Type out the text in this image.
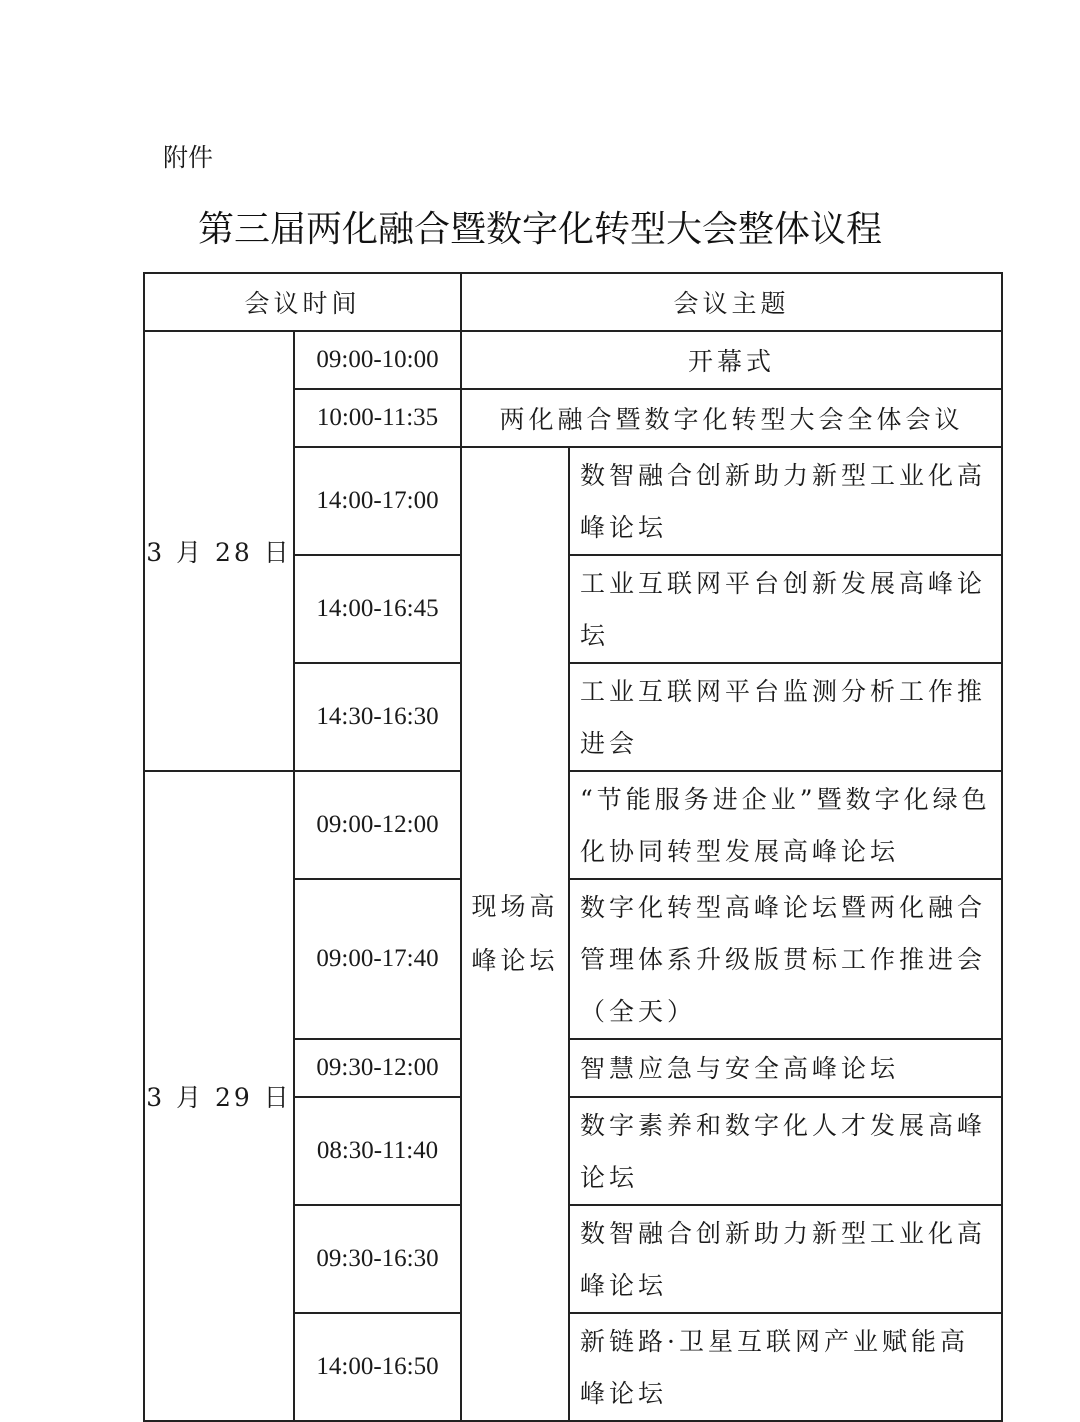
附件
第三届两化融合暨数字化转型大会整体议程
会议时间		会议主题	
3 月 28 日	09:00-10:00	开幕式	
	10:00-11:35	两化融合暨数字化转型大会全体会议	
	14:00-17:00	现场高峰论坛	数智融合创新助力新型工业化高峰论坛
	14:00-16:45		工业互联网平台创新发展高峰论坛
	14:30-16:30		工业互联网平台监测分析工作推进会
3 月 29 日	09:00-12:00		“节能服务进企业”暨数字化绿色化协同转型发展高峰论坛
	09:00-17:40		数字化转型高峰论坛暨两化融合管理体系升级版贯标工作推进会（全天）
	09:30-12:00		智慧应急与安全高峰论坛
	08:30-11:40		数字素养和数字化人才发展高峰论坛
	09:30-16:30		数智融合创新助力新型工业化高峰论坛
	14:00-16:50		新链路·卫星互联网产业赋能高峰论坛
